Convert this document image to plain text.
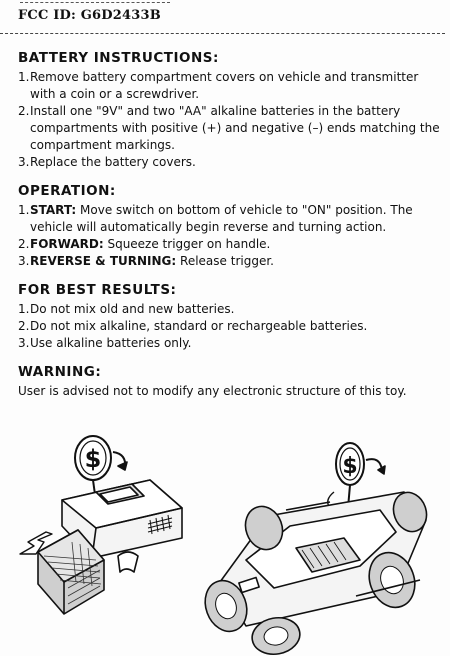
FCC ID: G6D2433B
BATTERY INSTRUCTIONS:
1. Remove battery compartment covers on vehicle and transmitter with a coin or a screwdriver.
2. Install one "9V" and two "AA" alkaline batteries in the battery compartments with positive (+) and negative (–) ends matching the compartment markings.
3. Replace the battery covers.
OPERATION:
1. START: Move switch on bottom of vehicle to "ON" position. The vehicle will automatically begin reverse and turning action.
2. FORWARD: Squeeze trigger on handle.
3. REVERSE & TURNING: Release trigger.
FOR BEST RESULTS:
1. Do not mix old and new batteries.
2. Do not mix alkaline, standard or rechargeable batteries.
3. Use alkaline batteries only.
WARNING:

User is advised not to modify any electronic structure of this toy.

$	$
